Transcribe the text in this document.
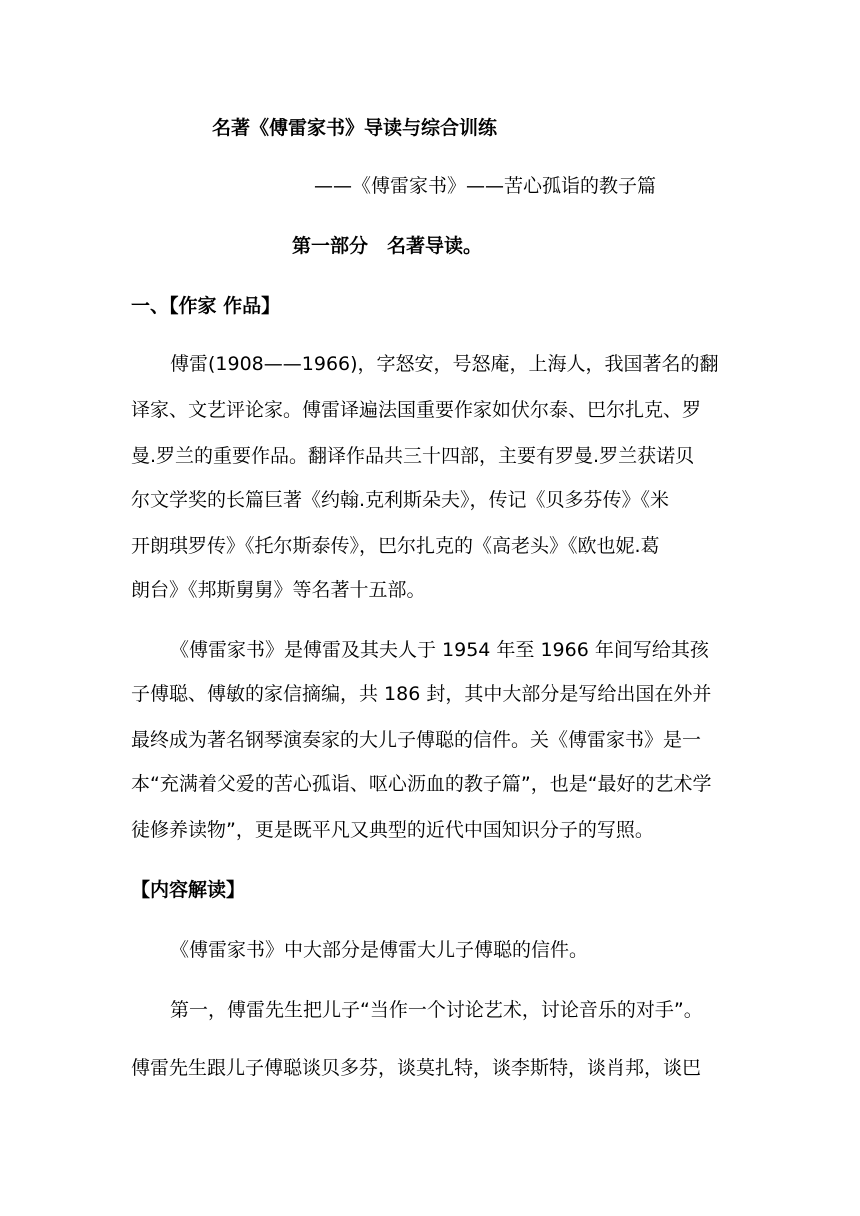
名著《傅雷家书》导读与综合训练
——《傅雷家书》——苦心孤诣的教子篇
第一部分　名著导读。
一、【作家 作品】
傅雷(1908——1966)，字怒安，号怒庵，上海人，我国著名的翻
译家、文艺评论家。傅雷译遍法国重要作家如伏尔泰、巴尔扎克、罗
曼.罗兰的重要作品。翻译作品共三十四部，主要有罗曼.罗兰获诺贝
尔文学奖的长篇巨著《约翰.克利斯朵夫》，传记《贝多芬传》《米
开朗琪罗传》《托尔斯泰传》，巴尔扎克的《高老头》《欧也妮.葛
朗台》《邦斯舅舅》等名著十五部。
《傅雷家书》是傅雷及其夫人于 1954 年至 1966 年间写给其孩
子傅聪、傅敏的家信摘编，共 186 封，其中大部分是写给出国在外并
最终成为著名钢琴演奏家的大儿子傅聪的信件。关《傅雷家书》是一
本“充满着父爱的苦心孤诣、呕心沥血的教子篇”，也是“最好的艺术学
徒修养读物”，更是既平凡又典型的近代中国知识分子的写照。
【内容解读】
《傅雷家书》中大部分是傅雷大儿子傅聪的信件。
第一，傅雷先生把儿子“当作一个讨论艺术，讨论音乐的对手”。
傅雷先生跟儿子傅聪谈贝多芬，谈莫扎特，谈李斯特，谈肖邦，谈巴
